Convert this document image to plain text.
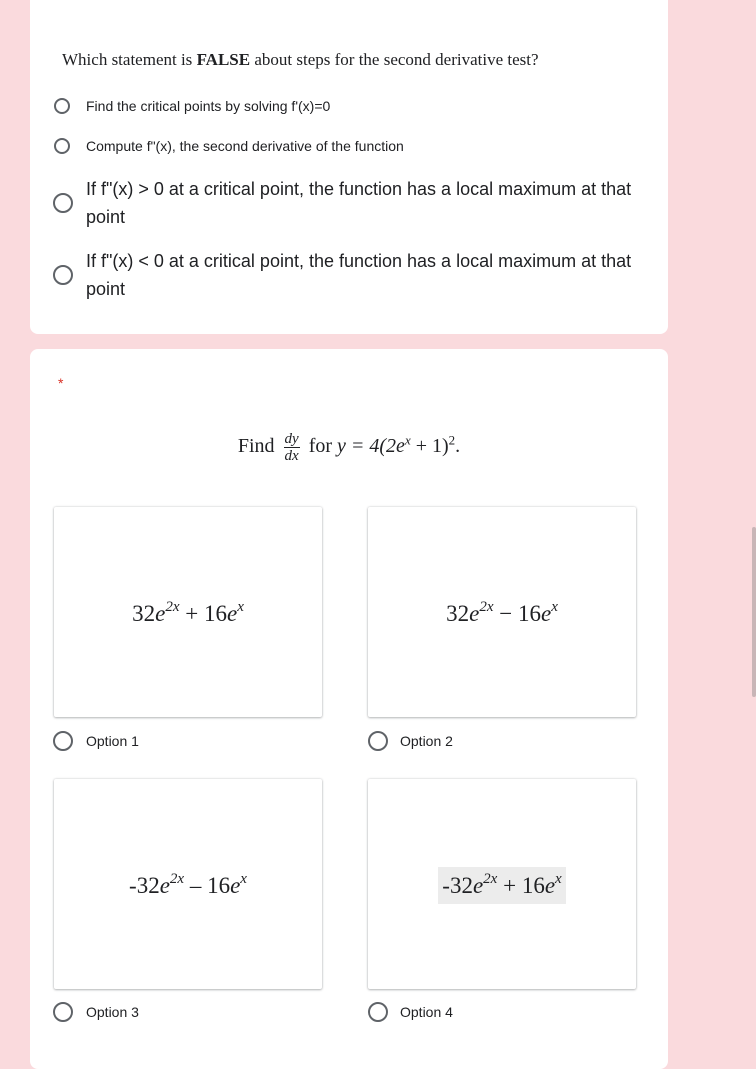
Which statement is FALSE about steps for the second derivative test?
Find the critical points by solving f'(x)=0
Compute f"(x), the second derivative of the function
If f"(x) > 0 at a critical point, the function has a local maximum at that point
If f"(x) < 0 at a critical point, the function has a local maximum at that point
*
Find $\frac{dy}{dx}$ for $y = 4(2e^x + 1)^2$.
$32e^{2x} + 16e^x$
Option 1
$32e^{2x} - 16e^x$
Option 2
$-32e^{2x} - 16e^x$
Option 3
$-32e^{2x} + 16e^x$
Option 4
